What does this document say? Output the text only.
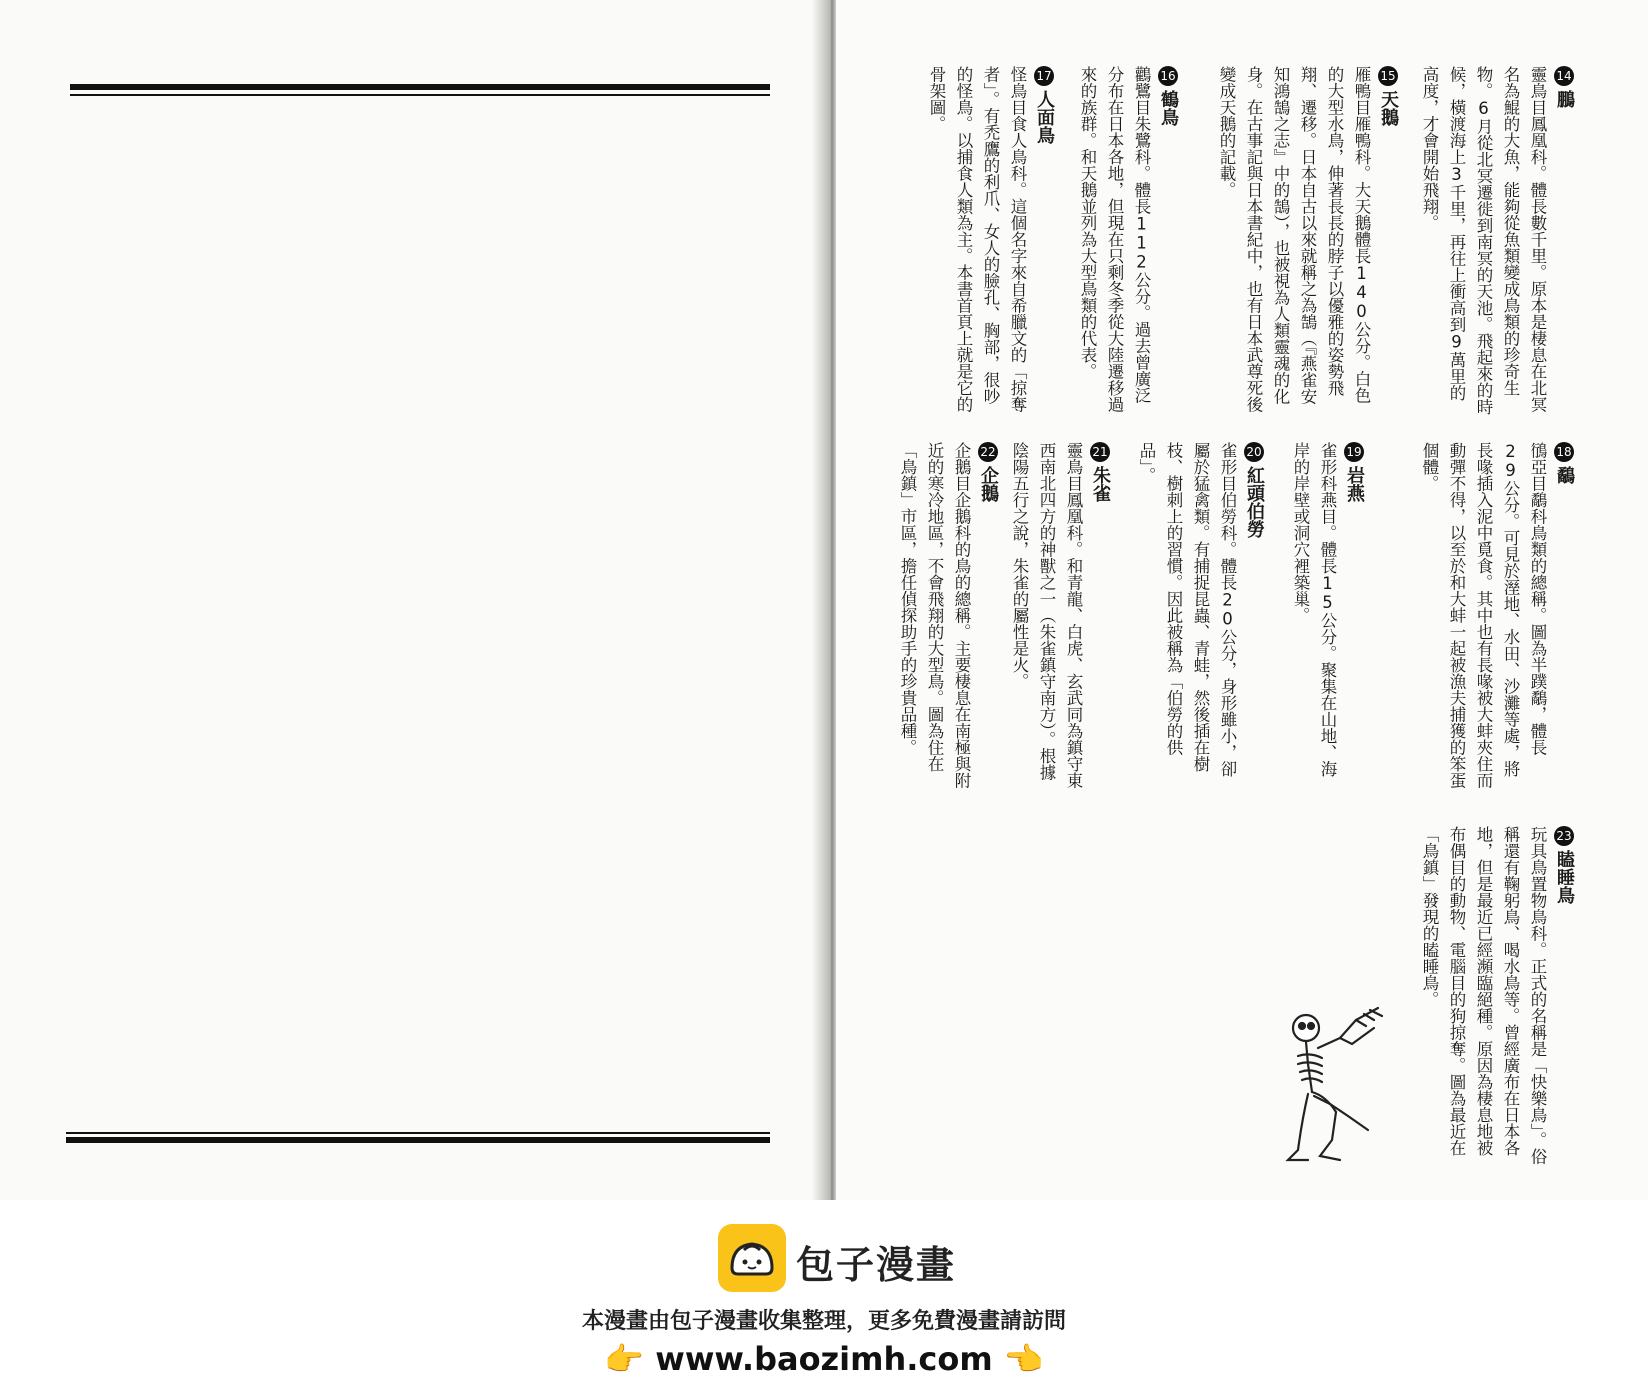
14鵬
靈鳥目鳳凰科。體長數千里。原本是棲息在北冥名為鯤的大魚，能夠從魚類變成鳥類的珍奇生物。6月從北冥遷徙到南冥的天池。飛起來的時候，橫渡海上3千里，再往上衝高到9萬里的高度，才會開始飛翔。
15天鵝
雁鴨目雁鴨科。大天鵝體長140公分。白色的大型水鳥，伸著長長的脖子以優雅的姿勢飛翔、遷移。日本自古以來就稱之為鵠（『燕雀安知鴻鵠之志』中的鵠），也被視為人類靈魂的化身。在古事記與日本書紀中，也有日本武尊死後變成天鵝的記載。
16鶴鳥
鸛鷺目朱鷺科。體長112公分。過去曾廣泛分布在日本各地，但現在只剩冬季從大陸遷移過來的族群。和天鵝並列為大型鳥類的代表。
17人面鳥
怪鳥目食人鳥科。這個名字來自希臘文的「掠奪者」。有禿鷹的利爪、女人的臉孔、胸部，很吵的怪鳥。以捕食人類為主。本書首頁上就是它的骨架圖。
18鷸
鴴亞目鷸科鳥類的總稱。圖為半蹼鷸，體長29公分。可見於溼地、水田、沙灘等處，將長喙插入泥中覓食。其中也有長喙被大蚌夾住而動彈不得，以至於和大蚌一起被漁夫捕獲的笨蛋個體。
19岩燕
雀形科燕目。體長15公分。聚集在山地、海岸的岸壁或洞穴裡築巢。
20紅頭伯勞
雀形目伯勞科。體長20公分，身形雖小，卻屬於猛禽類。有捕捉昆蟲、青蛙，然後插在樹枝、樹刺上的習慣。因此被稱為「伯勞的供品」。
21朱雀
靈鳥目鳳凰科。和青龍、白虎、玄武同為鎮守東西南北四方的神獸之一（朱雀鎮守南方）。根據陰陽五行之說，朱雀的屬性是火。
22企鵝
企鵝目企鵝科的鳥的總稱。主要棲息在南極與附近的寒冷地區，不會飛翔的大型鳥。圖為住在「鳥鎮」市區，擔任偵探助手的珍貴品種。
23瞌睡鳥
玩具鳥置物鳥科。正式的名稱是「快樂鳥」。俗稱還有鞠躬鳥、喝水鳥等。曾經廣布在日本各地，但是最近已經瀕臨絕種。原因為棲息地被布偶目的動物、電腦目的狗掠奪。圖為最近在「鳥鎮」發現的瞌睡鳥。
包子漫畫
本漫畫由包子漫畫收集整理，更多免費漫畫請訪問
👉 www.baozimh.com 👈
